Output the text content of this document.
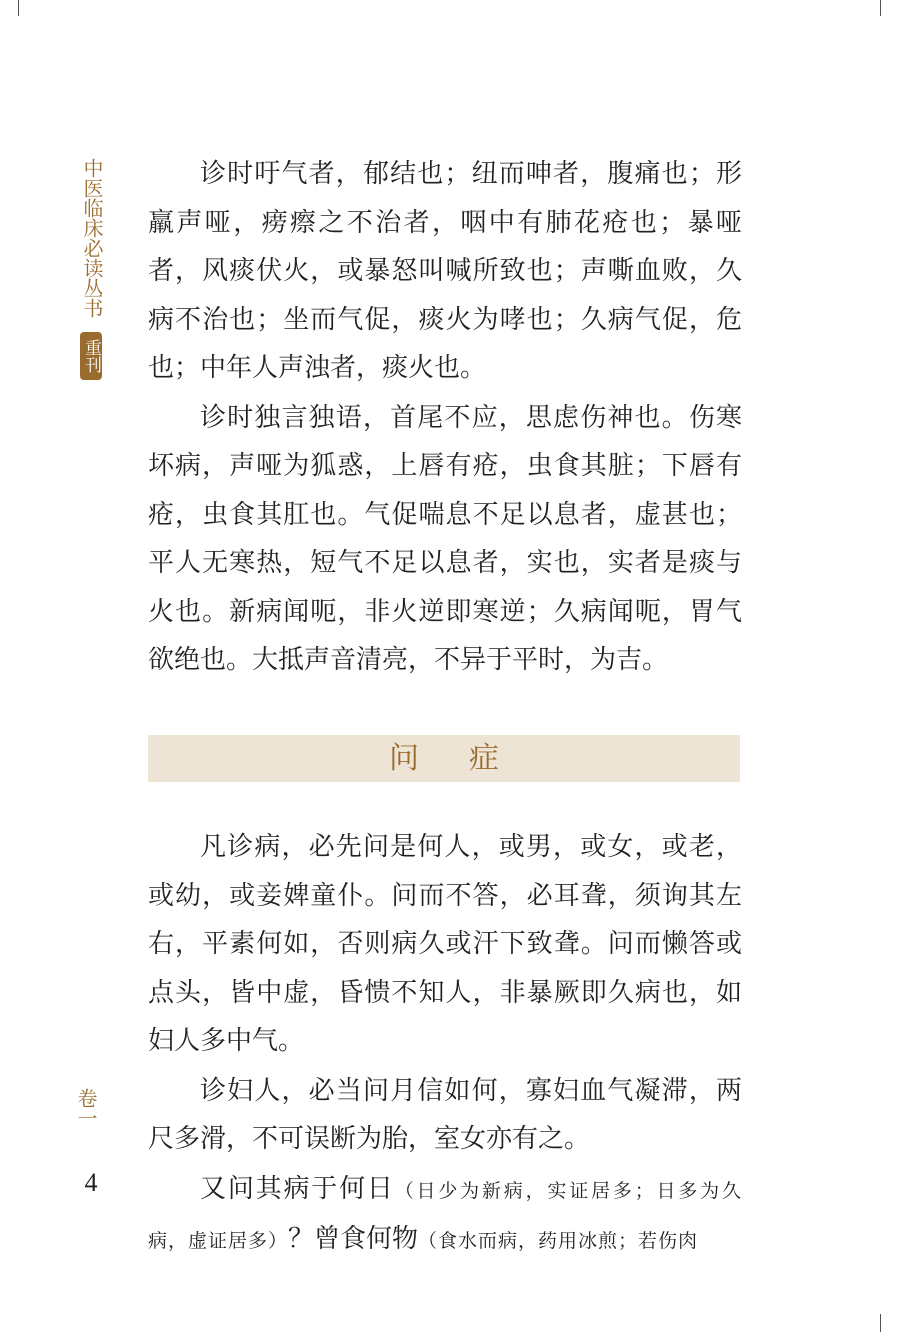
中医临床必读丛书
重刊
卷一
4

诊时吁气者，郁结也；纽而呻者，腹痛也；形羸声哑，痨瘵之不治者，咽中有肺花疮也；暴哑者，风痰伏火，或暴怒叫喊所致也；声嘶血败，久病不治也；坐而气促，痰火为哮也；久病气促，危也；中年人声浊者，痰火也。

诊时独言独语，首尾不应，思虑伤神也。伤寒坏病，声哑为狐惑，上唇有疮，虫食其脏；下唇有疮，虫食其肛也。气促喘息不足以息者，虚甚也；平人无寒热，短气不足以息者，实也，实者是痰与火也。新病闻呃，非火逆即寒逆；久病闻呃，胃气欲绝也。大抵声音清亮，不异于平时，为吉。

问症

凡诊病，必先问是何人，或男，或女，或老，或幼，或妾婢童仆。问而不答，必耳聋，须询其左右，平素何如，否则病久或汗下致聋。问而懒答或点头，皆中虚，昏愦不知人，非暴厥即久病也，如妇人多中气。

诊妇人，必当问月信如何，寡妇血气凝滞，两尺多滑，不可误断为胎，室女亦有之。

又问其病于何日（日少为新病，实证居多；日多为久病，虚证居多）？曾食何物（食水而病，药用冰煎；若伤肉
